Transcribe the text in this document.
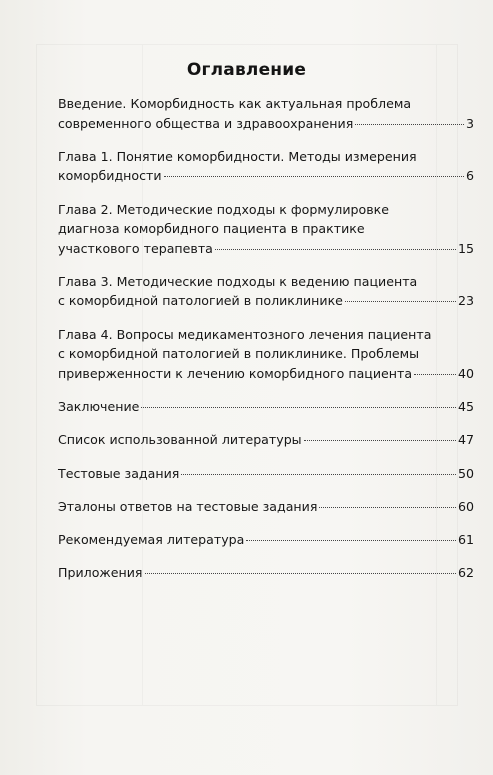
Оглавление
Введение. Коморбидность как актуальная проблема
современного общества и здравоохранения	3
Глава 1. Понятие коморбидности. Методы измерения
коморбидности	6
Глава 2. Методические подходы к формулировке
диагноза коморбидного пациента в практике
участкового терапевта	15
Глава 3. Методические подходы к ведению пациента
с коморбидной патологией в поликлинике	23
Глава 4. Вопросы медикаментозного лечения пациента
с коморбидной патологией в поликлинике. Проблемы
приверженности к лечению коморбидного пациента	40
Заключение	45
Список использованной литературы	47
Тестовые задания	50
Эталоны ответов на тестовые задания	60
Рекомендуемая литература	61
Приложения	62
